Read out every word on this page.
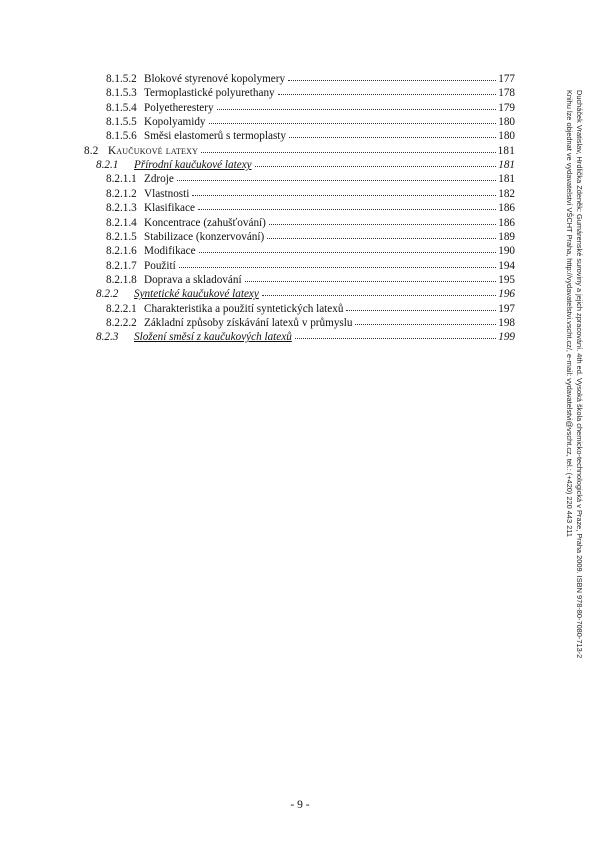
8.1.5.2 Blokové styrenové kopolymery	177
8.1.5.3 Termoplastické polyurethany	178
8.1.5.4 Polyetherestery	179
8.1.5.5 Kopolyamidy	180
8.1.5.6 Směsi elastomerů s termoplasty	180
8.2 Kaučukové latexy	181
8.2.1	Přírodní kaučukové latexy	181
8.2.1.1 Zdroje	181
8.2.1.2 Vlastnosti	182
8.2.1.3 Klasifikace	186
8.2.1.4 Koncentrace (zahušťování)	186
8.2.1.5 Stabilizace (konzervování)	189
8.2.1.6 Modifikace	190
8.2.1.7 Použití	194
8.2.1.8 Doprava a skladování	195
8.2.2	Syntetické kaučukové latexy	196
8.2.2.1 Charakteristika a použití syntetických latexů	197
8.2.2.2 Základní způsoby získávání latexů v průmyslu	198
8.2.3	Složení směsí z kaučukových latexů	199
- 9 -
Ducháček Vratislav, Hrdlička Zdeněk: Gumárenské suroviny a jejich zpracování. 4th ed. Vysoká škola chemicko-technologická v Praze, Praha 2009. ISBN 978-80-7080-713-2
Knihu lze objednat ve vydavatelství VŠCHT Praha, http://vydavatelstvi.vscht.cz/, e-mail: vydavatelstvi@vscht.cz, tel.: (+420) 220 443 211
